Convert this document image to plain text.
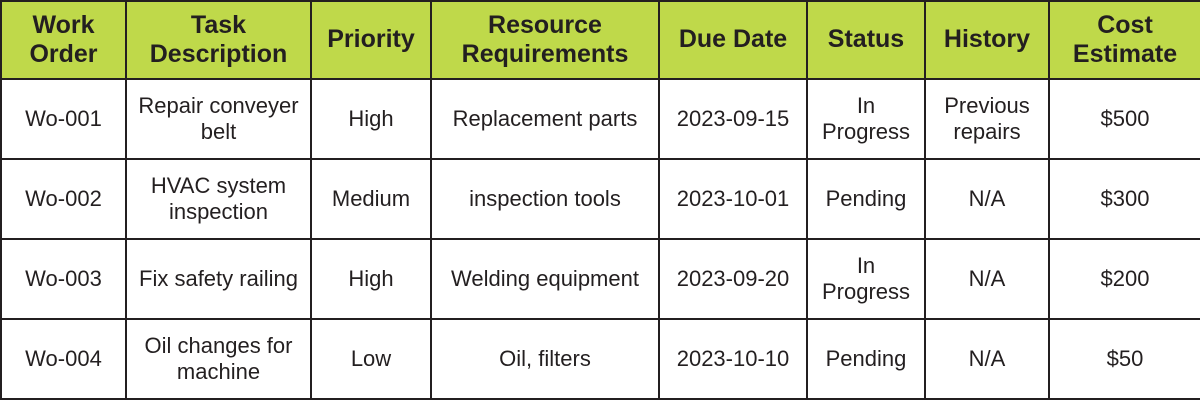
Work Order	Task Description	Priority	Resource Requirements	Due Date	Status	History	Cost Estimate
Wo-001	Repair conveyer belt	High	Replacement parts	2023-09-15	In Progress	Previous repairs	$500
Wo-002	HVAC system inspection	Medium	inspection tools	2023-10-01	Pending	N/A	$300
Wo-003	Fix safety railing	High	Welding equipment	2023-09-20	In Progress	N/A	$200
Wo-004	Oil changes for machine	Low	Oil, filters	2023-10-10	Pending	N/A	$50
